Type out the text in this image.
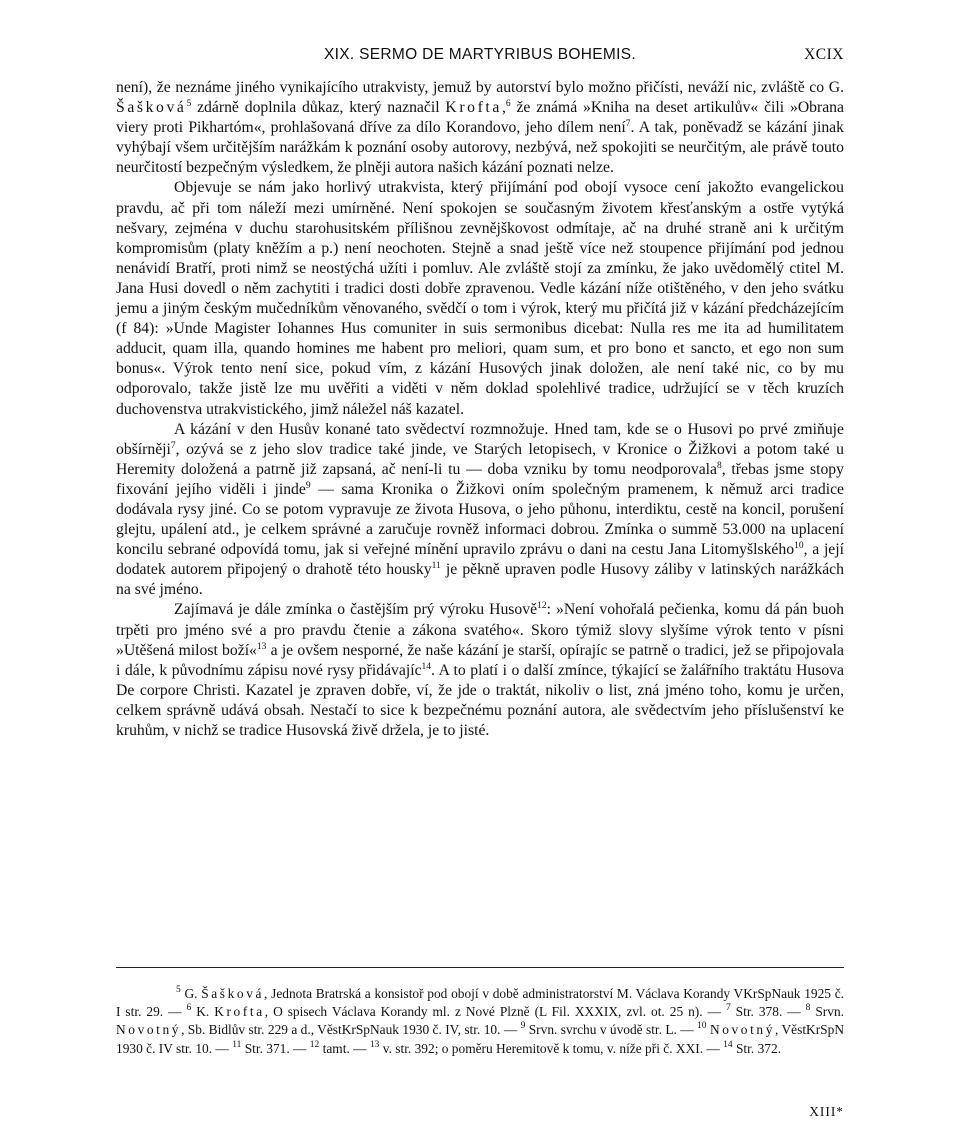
XIX. SERMO DE MARTYRIBUS BOHEMIS.	XCIX

není), že neznáme jiného vynikajícího utrakvisty, jemuž by autorství bylo možno přičísti, neváží nic, zvláště co G. Šašková$^5$ zdárně doplnila důkaz, který naznačil Krofta,$^6$ že známá »Kniha na deset artikulův« čili »Obrana viery proti Pikhartóm«, prohlašovaná dříve za dílo Korandovo, jeho dílem není$^7$. A tak, poněvadž se kázání jinak vyhýbají všem určitějším narážkám k poznání osoby autorovy, nezbývá, než spokojiti se neurčitým, ale právě touto neurčitostí bezpečným výsledkem, že plněji autora našich kázání poznati nelze.

Objevuje se nám jako horlivý utrakvista, který přijímání pod obojí vysoce cení jakožto evangelickou pravdu, ač při tom náleží mezi umírněné. Není spokojen se současným životem křesťanským a ostře vytýká nešvary, zejména v duchu starohusitském přílišnou zevnějškovost odmítaje, ač na druhé straně ani k určitým kompromisům (platy kněžím a p.) není neochoten. Stejně a snad ještě více než stoupence přijímání pod jednou nenávidí Bratří, proti nimž se neostýchá užíti i pomluv. Ale zvláště stojí za zmínku, že jako uvědomělý ctitel M. Jana Husi dovedl o něm zachytiti i tradici dosti dobře zpravenou. Vedle kázání níže otištěného, v den jeho svátku jemu a jiným českým mučedníkům věnovaného, svědčí o tom i výrok, který mu přičítá již v kázání předcházejícím (f 84): »Unde Magister Iohannes Hus comuniter in suis sermonibus dicebat: Nulla res me ita ad humilitatem adducit, quam illa, quando homines me habent pro meliori, quam sum, et pro bono et sancto, et ego non sum bonus«. Výrok tento není sice, pokud vím, z kázání Husových jinak doložen, ale není také nic, co by mu odporovalo, takže jistě lze mu uvěřiti a viděti v něm doklad spolehlivé tradice, udržující se v těch kruzích duchovenstva utrakvistického, jimž náležel náš kazatel.

A kázání v den Husův konané tato svědectví rozmnožuje. Hned tam, kde se o Husovi po prvé zmiňuje obšírněji$^7$, ozývá se z jeho slov tradice také jinde, ve Starých letopisech, v Kronice o Žižkovi a potom také u Heremity doložená a patrně již zapsaná, ač není-li tu — doba vzniku by tomu neodporovala$^8$, třebas jsme stopy fixování jejího viděli i jinde$^9$ — sama Kronika o Žižkovi oním společným pramenem, k němuž arci tradice dodávala rysy jiné. Co se potom vypravuje ze života Husova, o jeho půhonu, interdiktu, cestě na koncil, porušení glejtu, upálení atd., je celkem správné a zaručuje rovněž informaci dobrou. Zmínka o summě 53.000 na uplacení koncilu sebrané odpovídá tomu, jak si veřejné mínění upravilo zprávu o dani na cestu Jana Litomyšlského$^{10}$, a její dodatek autorem připojený o drahotě této housky$^{11}$ je pěkně upraven podle Husovy záliby v latinských narážkách na své jméno.

Zajímavá je dále zmínka o častějším prý výroku Husově$^{12}$: »Není vohořalá pečienka, komu dá pán buoh trpěti pro jméno své a pro pravdu čtenie a zákona svatého«. Skoro týmiž slovy slyšíme výrok tento v písni »Utěšená milost boží«$^{13}$ a je ovšem nesporné, že naše kázání je starší, opírajíc se patrně o tradici, jež se připojovala i dále, k původnímu zápisu nové rysy přidávajíc$^{14}$. A to platí i o další zmínce, týkající se žalářního traktátu Husova De corpore Christi. Kazatel je zpraven dobře, ví, že jde o traktát, nikoliv o list, zná jméno toho, komu je určen, celkem správně udává obsah. Nestačí to sice k bezpečnému poznání autora, ale svědectvím jeho příslušenství ke kruhům, v nichž se tradice Husovská živě držela, je to jisté.

$^5$ G. Šašková, Jednota Bratrská a konsistoř pod obojí v době administratorství M. Václava Korandy VKrSpNauk 1925 č. I str. 29. — $^6$ K. Krofta, O spisech Václava Korandy ml. z Nové Plzně (L Fil. XXXIX, zvl. ot. 25 n). — $^7$ Str. 378. — $^8$ Srvn. Novotný, Sb. Bidlův str. 229 a d., VěstKrSpNauk 1930 č. IV, str. 10. — $^9$ Srvn. svrchu v úvodě str. L. — $^{10}$ Novotný, VěstKrSpN 1930 č. IV str. 10. — $^{11}$ Str. 371. — $^{12}$ tamt. — $^{13}$ v. str. 392; o poměru Heremitově k tomu, v. níže při č. XXI. — $^{14}$ Str. 372.

XIII*
